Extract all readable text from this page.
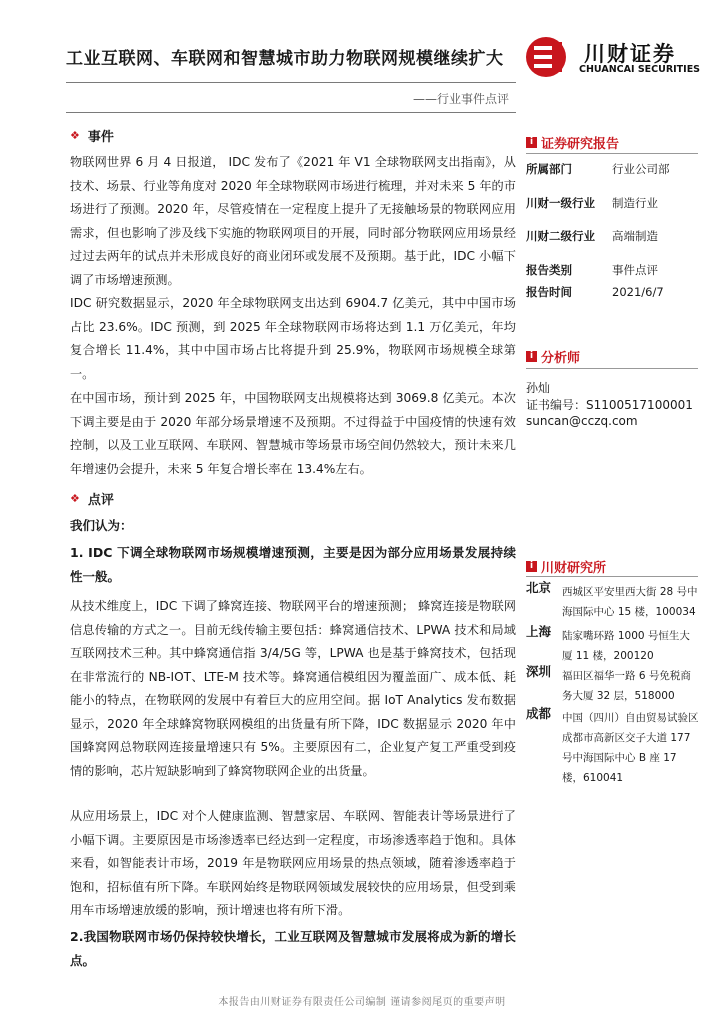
工业互联网、车联网和智慧城市助力物联网规模继续扩大
——行业事件点评
川财证券
CHUANCAI SECURITIES
❖ 事件
物联网世界 6 月 4 日报道， IDC 发布了《2021 年 V1 全球物联网支出指南》，从技术、场景、行业等角度对 2020 年全球物联网市场进行梳理，并对未来 5 年的市场进行了预测。2020 年，尽管疫情在一定程度上提升了无接触场景的物联网应用需求，但也影响了涉及线下实施的物联网项目的开展，同时部分物联网应用场景经过过去两年的试点并未形成良好的商业闭环或发展不及预期。基于此，IDC 小幅下调了市场增速预测。
IDC 研究数据显示，2020 年全球物联网支出达到 6904.7 亿美元，其中中国市场占比 23.6%。IDC 预测，到 2025 年全球物联网市场将达到 1.1 万亿美元，年均复合增长 11.4%，其中中国市场占比将提升到 25.9%，物联网市场规模全球第一。
在中国市场，预计到 2025 年，中国物联网支出规模将达到 3069.8 亿美元。本次下调主要是由于 2020 年部分场景增速不及预期。不过得益于中国疫情的快速有效控制，以及工业互联网、车联网、智慧城市等场景市场空间仍然较大，预计未来几年增速仍会提升，未来 5 年复合增长率在 13.4%左右。
❖ 点评
我们认为：
1. IDC 下调全球物联网市场规模增速预测，主要是因为部分应用场景发展持续性一般。
从技术维度上，IDC 下调了蜂窝连接、物联网平台的增速预测； 蜂窝连接是物联网信息传输的方式之一。目前无线传输主要包括：蜂窝通信技术、LPWA 技术和局域互联网技术三种。其中蜂窝通信指 3/4/5G 等，LPWA 也是基于蜂窝技术，包括现在非常流行的 NB-IOT、LTE-M 技术等。蜂窝通信模组因为覆盖面广、成本低、耗能小的特点，在物联网的发展中有着巨大的应用空间。据 IoT Analytics 发布数据显示，2020 年全球蜂窝物联网模组的出货量有所下降，IDC 数据显示 2020 年中国蜂窝网总物联网连接量增速只有 5%。主要原因有二，企业复产复工严重受到疫情的影响，芯片短缺影响到了蜂窝物联网企业的出货量。
从应用场景上，IDC 对个人健康监测、智慧家居、车联网、智能表计等场景进行了小幅下调。主要原因是市场渗透率已经达到一定程度，市场渗透率趋于饱和。具体来看，如智能表计市场，2019 年是物联网应用场景的热点领域，随着渗透率趋于饱和，招标值有所下降。车联网始终是物联网领域发展较快的应用场景，但受到乘用车市场增速放缓的影响，预计增速也将有所下滑。
2.我国物联网市场仍保持较快增长，工业互联网及智慧城市发展将成为新的增长点。
i 证券研究报告
所属部门	行业公司部
川财一级行业	制造行业
川财二级行业	高端制造
报告类别	事件点评
报告时间	2021/6/7
i 分析师
孙灿
证书编号：S1100517100001
suncan@cczq.com
i 川财研究所
北京 西城区平安里西大街 28 号中海国际中心 15 楼，100034
上海 陆家嘴环路 1000 号恒生大厦 11 楼，200120
深圳 福田区福华一路 6 号免税商务大厦 32 层，518000
成都 中国（四川）自由贸易试验区成都市高新区交子大道 177 号中海国际中心 B 座 17 楼，610041
本报告由川财证券有限责任公司编制 谨请参阅尾页的重要声明
